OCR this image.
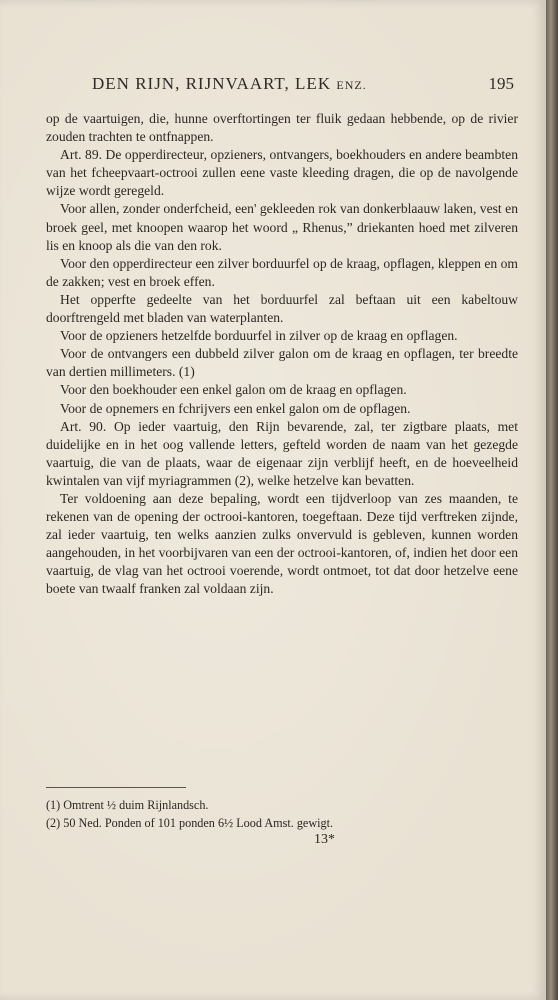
DEN RIJN, RIJNVAART, LEK ENZ.	195

op de vaartuigen, die, hunne overftortingen ter fluik gedaan hebbende, op de rivier zouden trachten te ontfnappen.

Art. 89. De opperdirecteur, opzieners, ontvangers, boekhouders en andere beambten van het fcheepvaart-octrooi zullen eene vaste kleeding dragen, die op de navolgende wijze wordt geregeld.

Voor allen, zonder onderfcheid, een' gekleeden rok van donkerblaauw laken, vest en broek geel, met knoopen waarop het woord „ Rhenus,” driekanten hoed met zilveren lis en knoop als die van den rok.

Voor den opperdirecteur een zilver borduurfel op de kraag, opflagen, kleppen en om de zakken; vest en broek effen.

Het opperfte gedeelte van het borduurfel zal beftaan uit een kabeltouw doorftrengeld met bladen van waterplanten.

Voor de opzieners hetzelfde borduurfel in zilver op de kraag en opflagen.

Voor de ontvangers een dubbeld zilver galon om de kraag en opflagen, ter breedte van dertien millimeters. (1)

Voor den boekhouder een enkel galon om de kraag en opflagen.

Voor de opnemers en fchrijvers een enkel galon om de opflagen.

Art. 90. Op ieder vaartuig, den Rijn bevarende, zal, ter zigtbare plaats, met duidelijke en in het oog vallende letters, gefteld worden de naam van het gezegde vaartuig, die van de plaats, waar de eigenaar zijn verblijf heeft, en de hoeveelheid kwintalen van vijf myriagrammen (2), welke hetzelve kan bevatten.

Ter voldoening aan deze bepaling, wordt een tijdverloop van zes maanden, te rekenen van de opening der octrooi-kantoren, toegeftaan. Deze tijd verftreken zijnde, zal ieder vaartuig, ten welks aanzien zulks onvervuld is gebleven, kunnen worden aangehouden, in het voorbijvaren van een der octrooi-kantoren, of, indien het door een vaartuig, de vlag van het octrooi voerende, wordt ontmoet, tot dat door hetzelve eene boete van twaalf franken zal voldaan zijn.

(1) Omtrent ½ duim Rijnlandsch.
(2) 50 Ned. Ponden of 101 ponden 6½ Lood Amst. gewigt.
13*
